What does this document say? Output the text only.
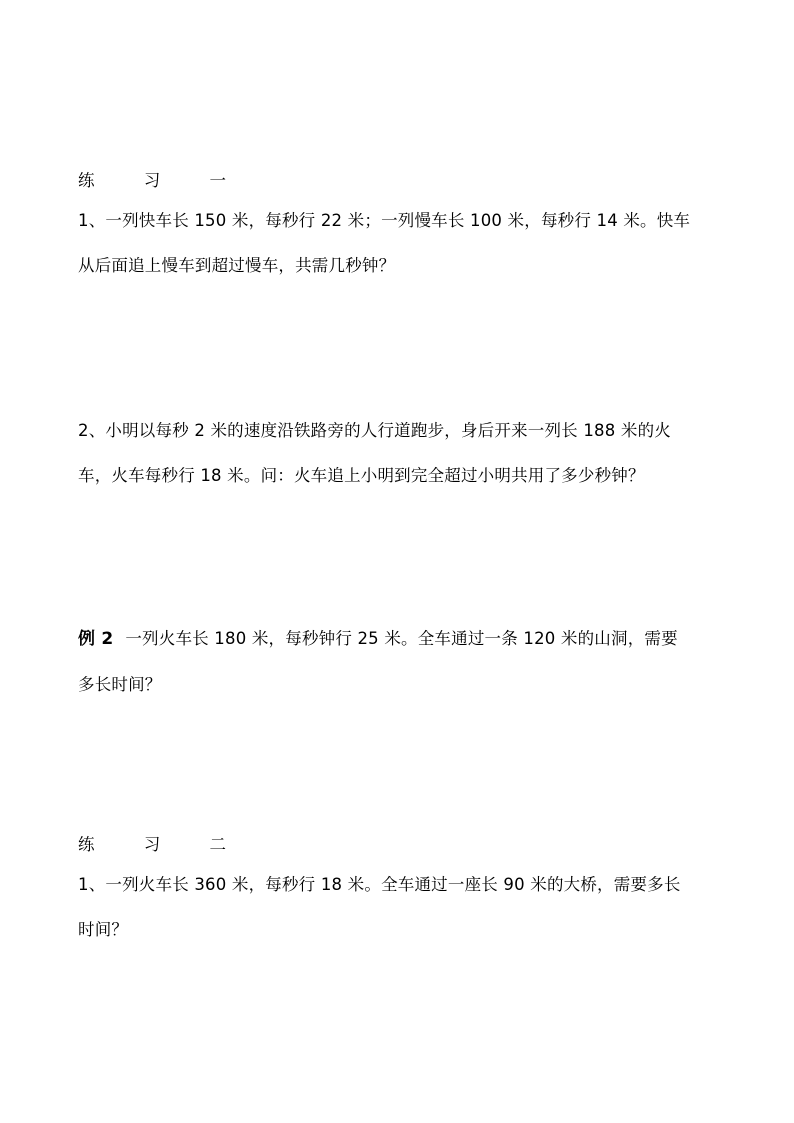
练 习 一
1、一列快车长 150 米，每秒行 22 米；一列慢车长 100 米，每秒行 14 米。快车
从后面追上慢车到超过慢车，共需几秒钟？
2、小明以每秒 2 米的速度沿铁路旁的人行道跑步，身后开来一列长 188 米的火
车，火车每秒行 18 米。问：火车追上小明到完全超过小明共用了多少秒钟？
例 2 一列火车长 180 米，每秒钟行 25 米。全车通过一条 120 米的山洞，需要
多长时间？
练 习 二
1、一列火车长 360 米，每秒行 18 米。全车通过一座长 90 米的大桥，需要多长
时间？
